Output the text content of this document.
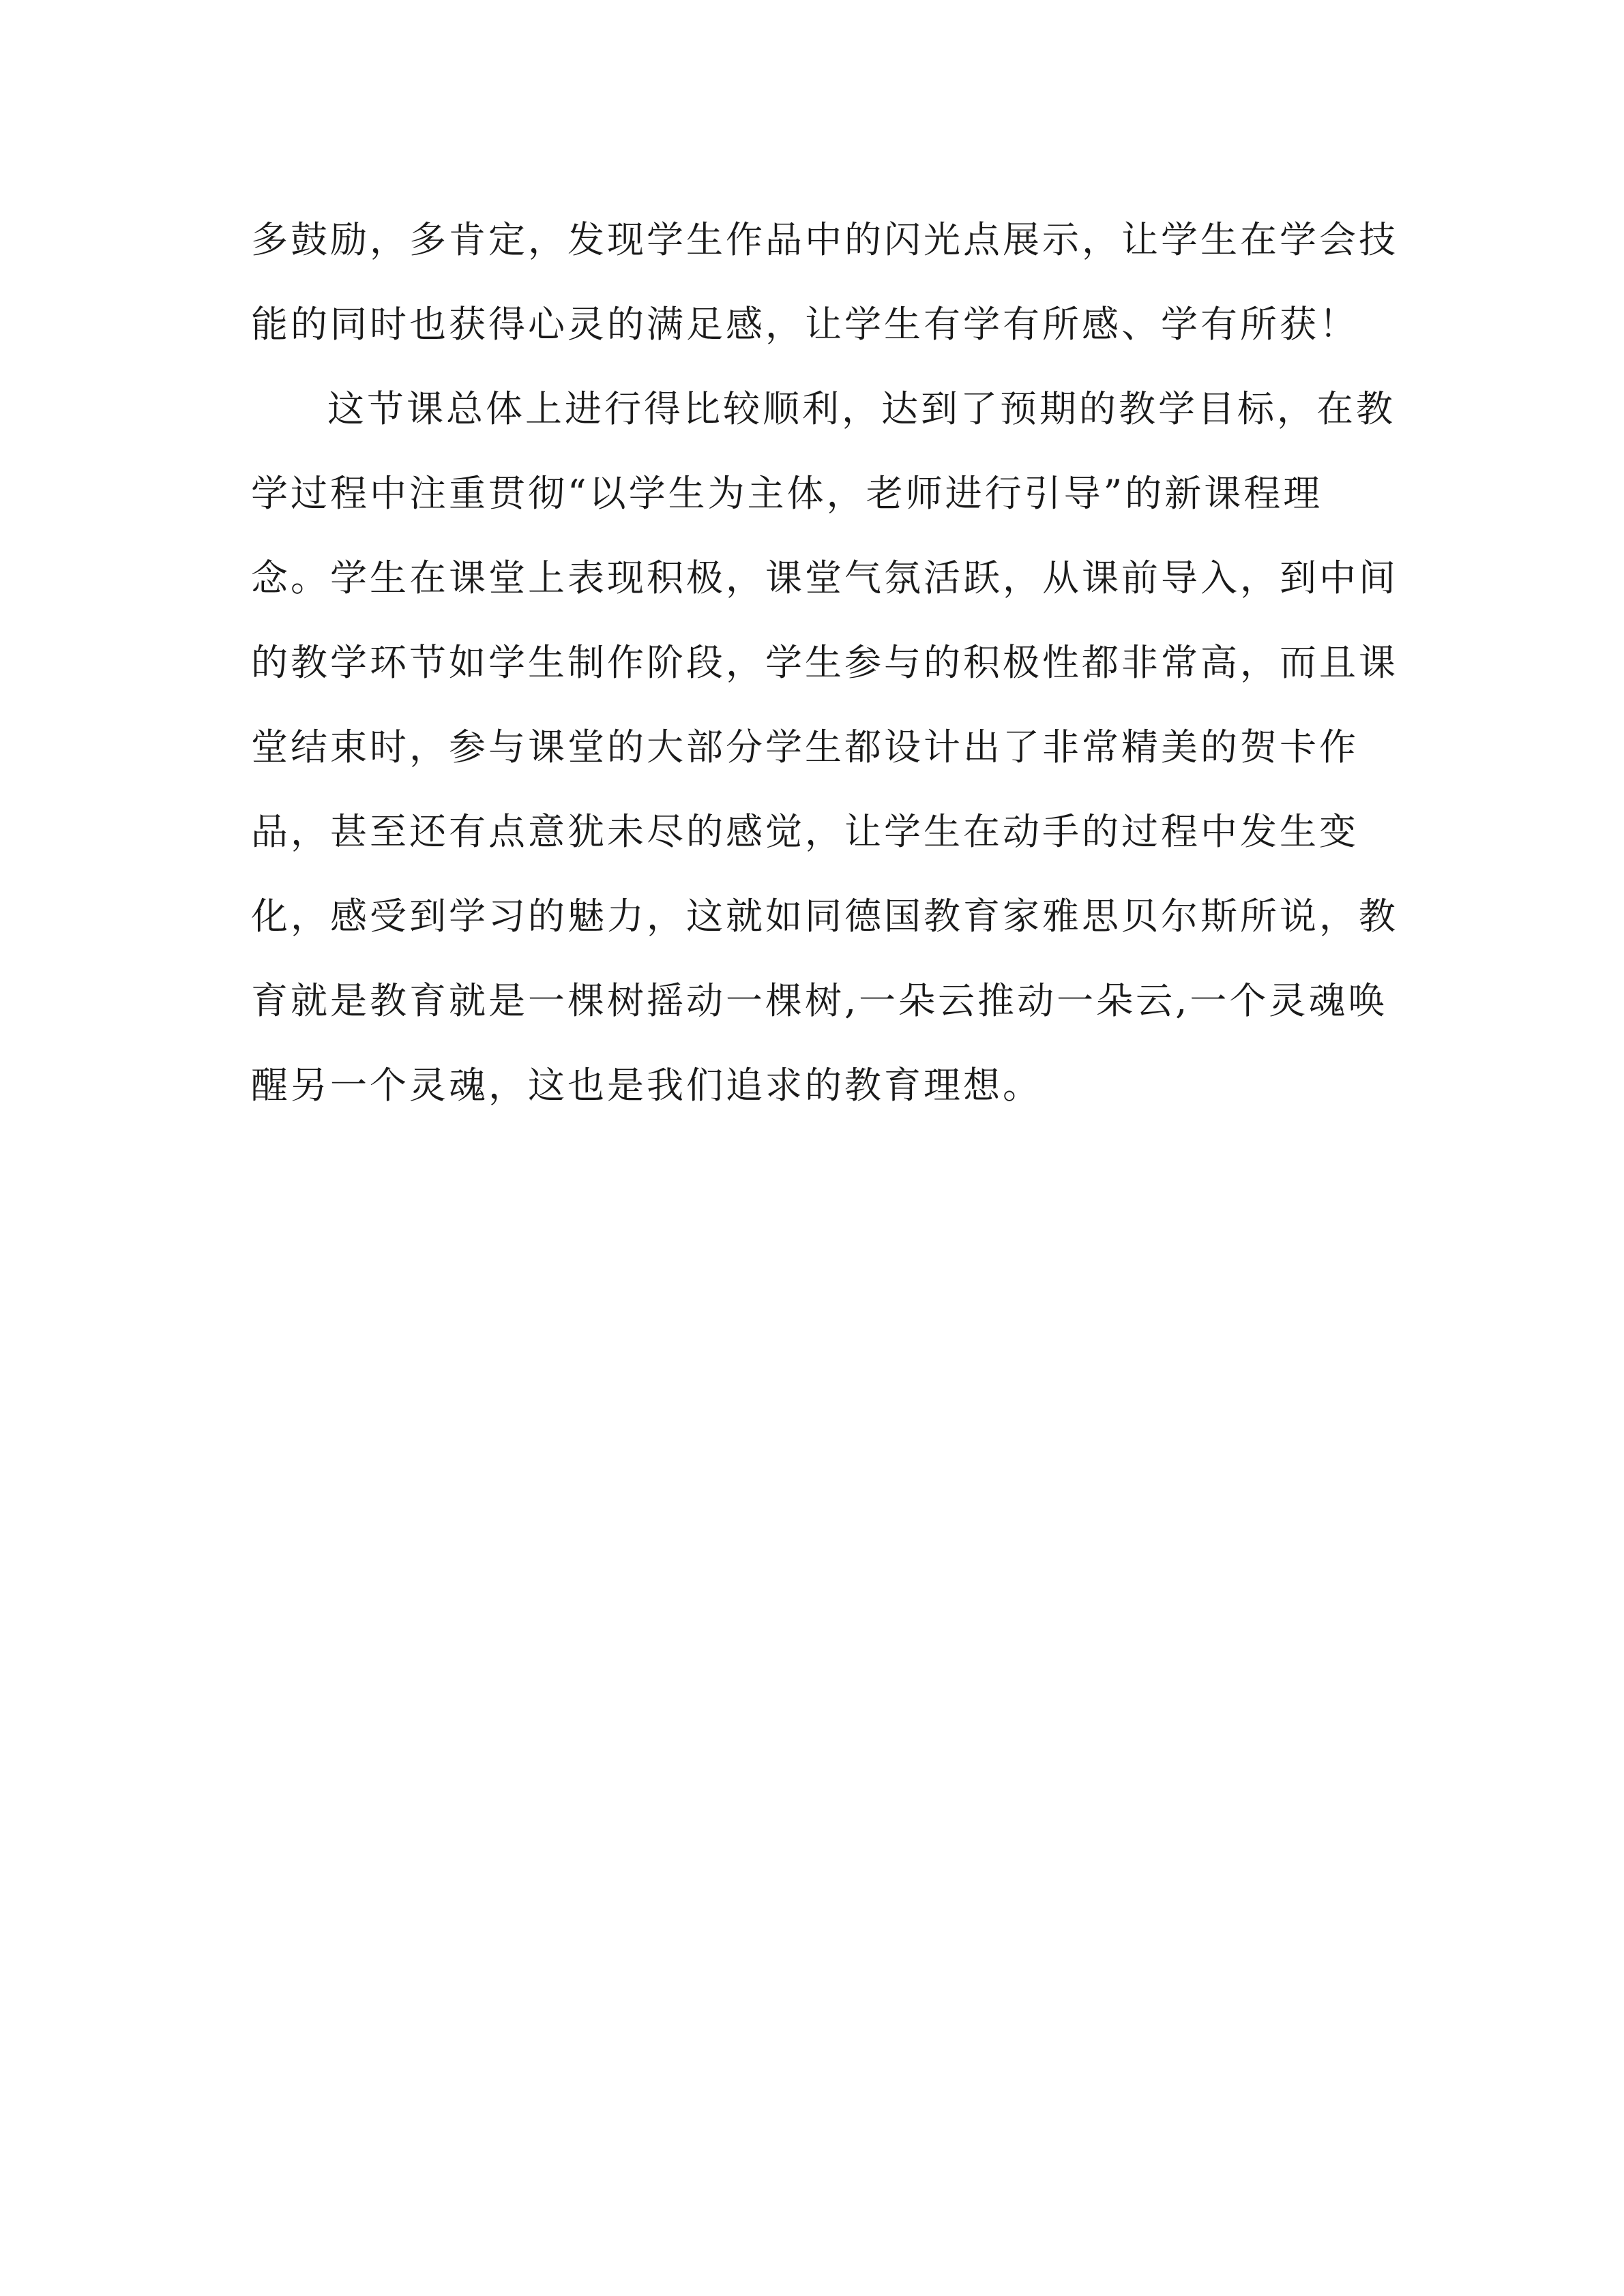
多鼓励，多肯定，发现学生作品中的闪光点展示，让学生在学会技
能的同时也获得心灵的满足感，让学生有学有所感、学有所获！
这节课总体上进行得比较顺利，达到了预期的教学目标，在教
学过程中注重贯彻“以学生为主体，老师进行引导”的新课程理
念。学生在课堂上表现积极，课堂气氛活跃，从课前导入，到中间
的教学环节如学生制作阶段，学生参与的积极性都非常高，而且课
堂结束时，参与课堂的大部分学生都设计出了非常精美的贺卡作
品，甚至还有点意犹未尽的感觉，让学生在动手的过程中发生变
化，感受到学习的魅力，这就如同德国教育家雅思贝尔斯所说，教
育就是教育就是一棵树摇动一棵树,一朵云推动一朵云,一个灵魂唤
醒另一个灵魂，这也是我们追求的教育理想。
